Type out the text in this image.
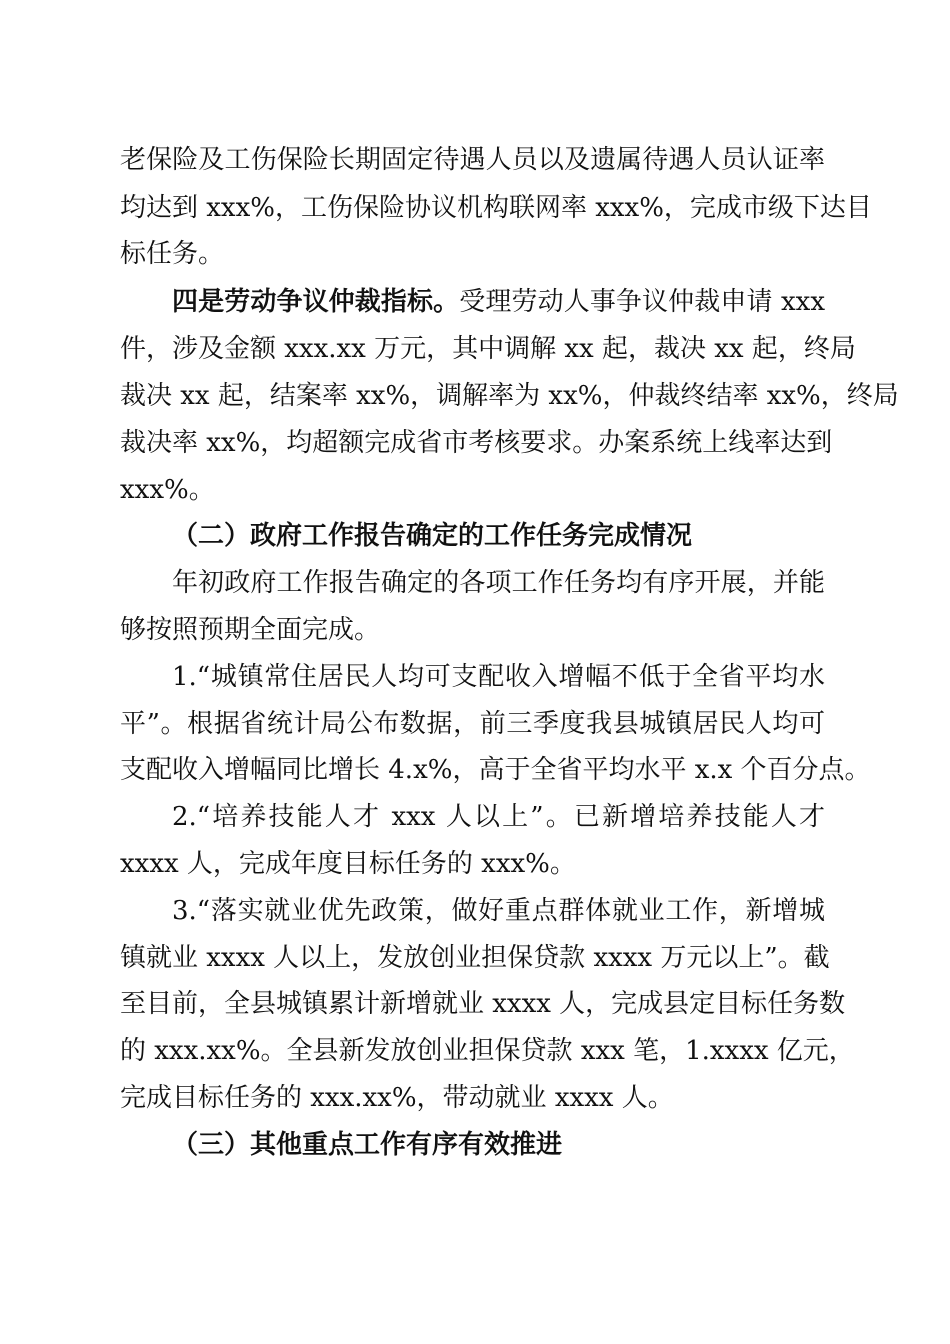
老保险及工伤保险长期固定待遇人员以及遗属待遇人员认证率
均达到 xxx%，工伤保险协议机构联网率 xxx%，完成市级下达目
标任务。
四是劳动争议仲裁指标。受理劳动人事争议仲裁申请 xxx
件，涉及金额 xxx.xx 万元，其中调解 xx 起，裁决 xx 起，终局
裁决 xx 起，结案率 xx%，调解率为 xx%，仲裁终结率 xx%，终局
裁决率 xx%，均超额完成省市考核要求。办案系统上线率达到
xxx%。
（二）政府工作报告确定的工作任务完成情况
年初政府工作报告确定的各项工作任务均有序开展，并能
够按照预期全面完成。
1.“城镇常住居民人均可支配收入增幅不低于全省平均水
平”。根据省统计局公布数据，前三季度我县城镇居民人均可
支配收入增幅同比增长 4.x%，高于全省平均水平 x.x 个百分点。
2.“培养技能人才 xxx 人以上”。已新增培养技能人才
xxxx 人，完成年度目标任务的 xxx%。
3.“落实就业优先政策，做好重点群体就业工作，新增城
镇就业 xxxx 人以上，发放创业担保贷款 xxxx 万元以上”。截
至目前，全县城镇累计新增就业 xxxx 人，完成县定目标任务数
的 xxx.xx%。全县新发放创业担保贷款 xxx 笔，1.xxxx 亿元，
完成目标任务的 xxx.xx%，带动就业 xxxx 人。
（三）其他重点工作有序有效推进
